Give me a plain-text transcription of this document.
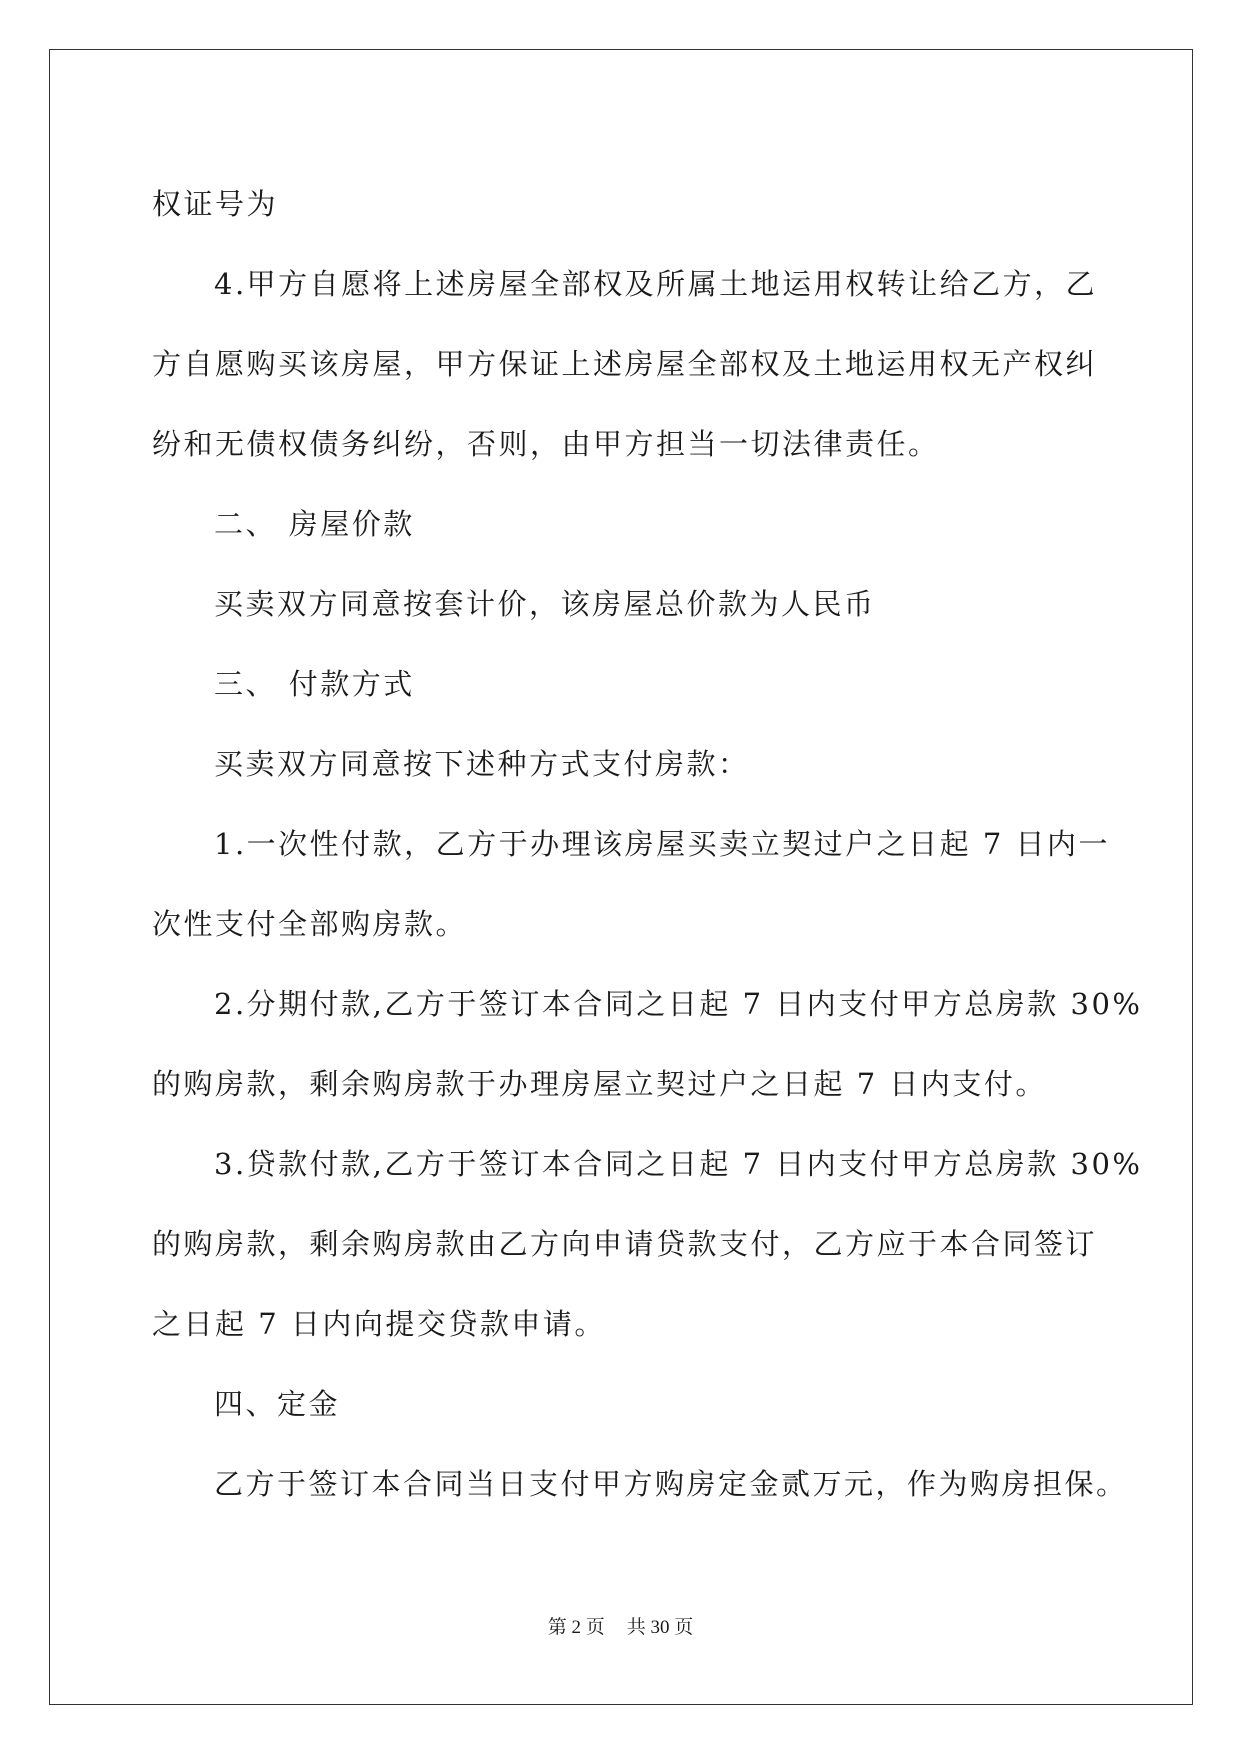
权证号为
4.甲方自愿将上述房屋全部权及所属土地运用权转让给乙方，乙
方自愿购买该房屋，甲方保证上述房屋全部权及土地运用权无产权纠
纷和无债权债务纠纷，否则，由甲方担当一切法律责任。
二、 房屋价款
买卖双方同意按套计价，该房屋总价款为人民币
三、 付款方式
买卖双方同意按下述种方式支付房款：
1.一次性付款，乙方于办理该房屋买卖立契过户之日起 7 日内一
次性支付全部购房款。
2.分期付款,乙方于签订本合同之日起 7 日内支付甲方总房款 30%
的购房款，剩余购房款于办理房屋立契过户之日起 7 日内支付。
3.贷款付款,乙方于签订本合同之日起 7 日内支付甲方总房款 30%
的购房款，剩余购房款由乙方向申请贷款支付，乙方应于本合同签订
之日起 7 日内向提交贷款申请。
四、定金
乙方于签订本合同当日支付甲方购房定金贰万元，作为购房担保。
第 2 页 共 30 页
